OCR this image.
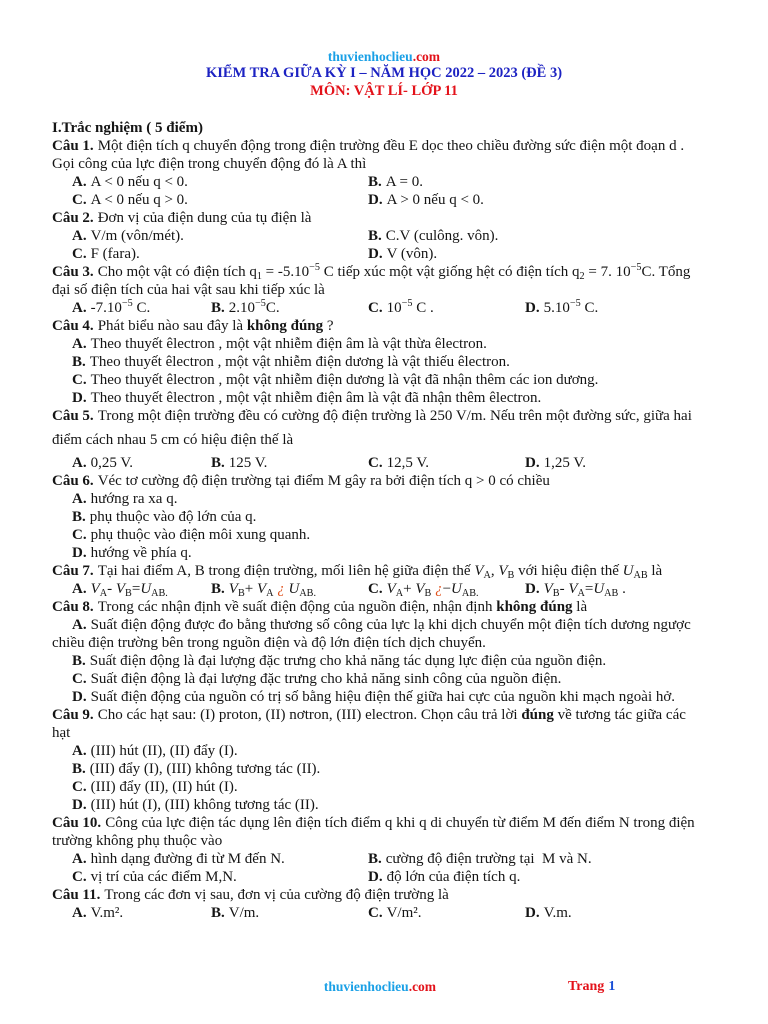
thuvienhoclieu.com
KIỂM TRA GIỮA KỲ I – NĂM HỌC 2022 – 2023 (ĐỀ 3)
MÔN: VẬT LÍ- LỚP 11
I.Trắc nghiệm ( 5 điểm)
Câu 1. Một điện tích q chuyển động trong điện trường đều E dọc theo chiều đường sức điện một đoạn d .
Gọi công của lực điện trong chuyển động đó là A thì
A. A < 0 nếu q < 0.	B. A = 0.
C. A < 0 nếu q > 0.	D. A > 0 nếu q < 0.
Câu 2. Đơn vị của điện dung của tụ điện là
A. V/m (vôn/mét).	B. C.V (culông. vôn).
C. F (fara).	D. V (vôn).
Câu 3. Cho một vật có điện tích $q_1 = -5.10^{-5}$ C tiếp xúc một vật giống hệt có điện tích $q_2 = 7$. $10^{-5}C$. Tổng
đại số điện tích của hai vật sau khi tiếp xúc là
A. $-7.10^{-5}$ C.	B. $2.10^{-5}C$.	C. $10^{-5}$ C .	D. $5.10^{-5}$ C.
Câu 4. Phát biểu nào sau đây là không đúng ?
A. Theo thuyết êlectron , một vật nhiễm điện âm là vật thừa êlectron.
B. Theo thuyết êlectron , một vật nhiễm điện dương là vật thiếu êlectron.
C. Theo thuyết êlectron , một vật nhiễm điện dương là vật đã nhận thêm các ion dương.
D. Theo thuyết êlectron , một vật nhiễm điện âm là vật đã nhận thêm êlectron.
Câu 5. Trong một điện trường đều có cường độ điện trường là 250 V/m. Nếu trên một đường sức, giữa hai
điểm cách nhau 5 cm có hiệu điện thế là
A. 0,25 V.	B. 125 V.	C. 12,5 V.	D. 1,25 V.
Câu 6. Véc tơ cường độ điện trường tại điểm M gây ra bởi điện tích q > 0 có chiều
A. hướng ra xa q.
B. phụ thuộc vào độ lớn của q.
C. phụ thuộc vào điện môi xung quanh.
D. hướng về phía q.
Câu 7. Tại hai điểm A, B trong điện trường, mối liên hệ giữa điện thế $V_A$, $V_B$ với hiệu điện thế $U_{AB}$ là
A. $V_A-$ $V_B=U_{AB.}$	B. $V_B+ V_A$ ¿ $U_{AB.}$	C. $V_A+ V_B$ ¿$-U_{AB.}$	D. $V_B-$ $V_A=U_{AB}$ .
Câu 8. Trong các nhận định về suất điện động của nguồn điện, nhận định không đúng là
A. Suất điện động được đo bằng thương số công của lực lạ khi dịch chuyển một điện tích dương ngược
chiều điện trường bên trong nguồn điện và độ lớn điện tích dịch chuyển.
B. Suất điện động là đại lượng đặc trưng cho khả năng tác dụng lực điện của nguồn điện.
C. Suất điện động là đại lượng đặc trưng cho khả năng sinh công của nguồn điện.
D. Suất điện động của nguồn có trị số bằng hiệu điện thế giữa hai cực của nguồn khi mạch ngoài hở.
Câu 9. Cho các hạt sau: (I) proton, (II) nơtron, (III) electron. Chọn câu trả lời đúng về tương tác giữa các
hạt
A. (III) hút (II), (II) đẩy (I).
B. (III) đẩy (I), (III) không tương tác (II).
C. (III) đẩy (II), (II) hút (I).
D. (III) hút (I), (III) không tương tác (II).
Câu 10. Công của lực điện tác dụng lên điện tích điểm q khi q di chuyển từ điểm M đến điểm N trong điện
trường không phụ thuộc vào
A. hình dạng đường đi từ M đến N.	B. cường độ điện trường tại  M và N.
C. vị trí của các điểm M,N.	D. độ lớn của điện tích q.
Câu 11. Trong các đơn vị sau, đơn vị của cường độ điện trường là
A. V.m².	B. V/m.	C. V/m².	D. V.m.
thuvienhoclieu.com	Trang 1
